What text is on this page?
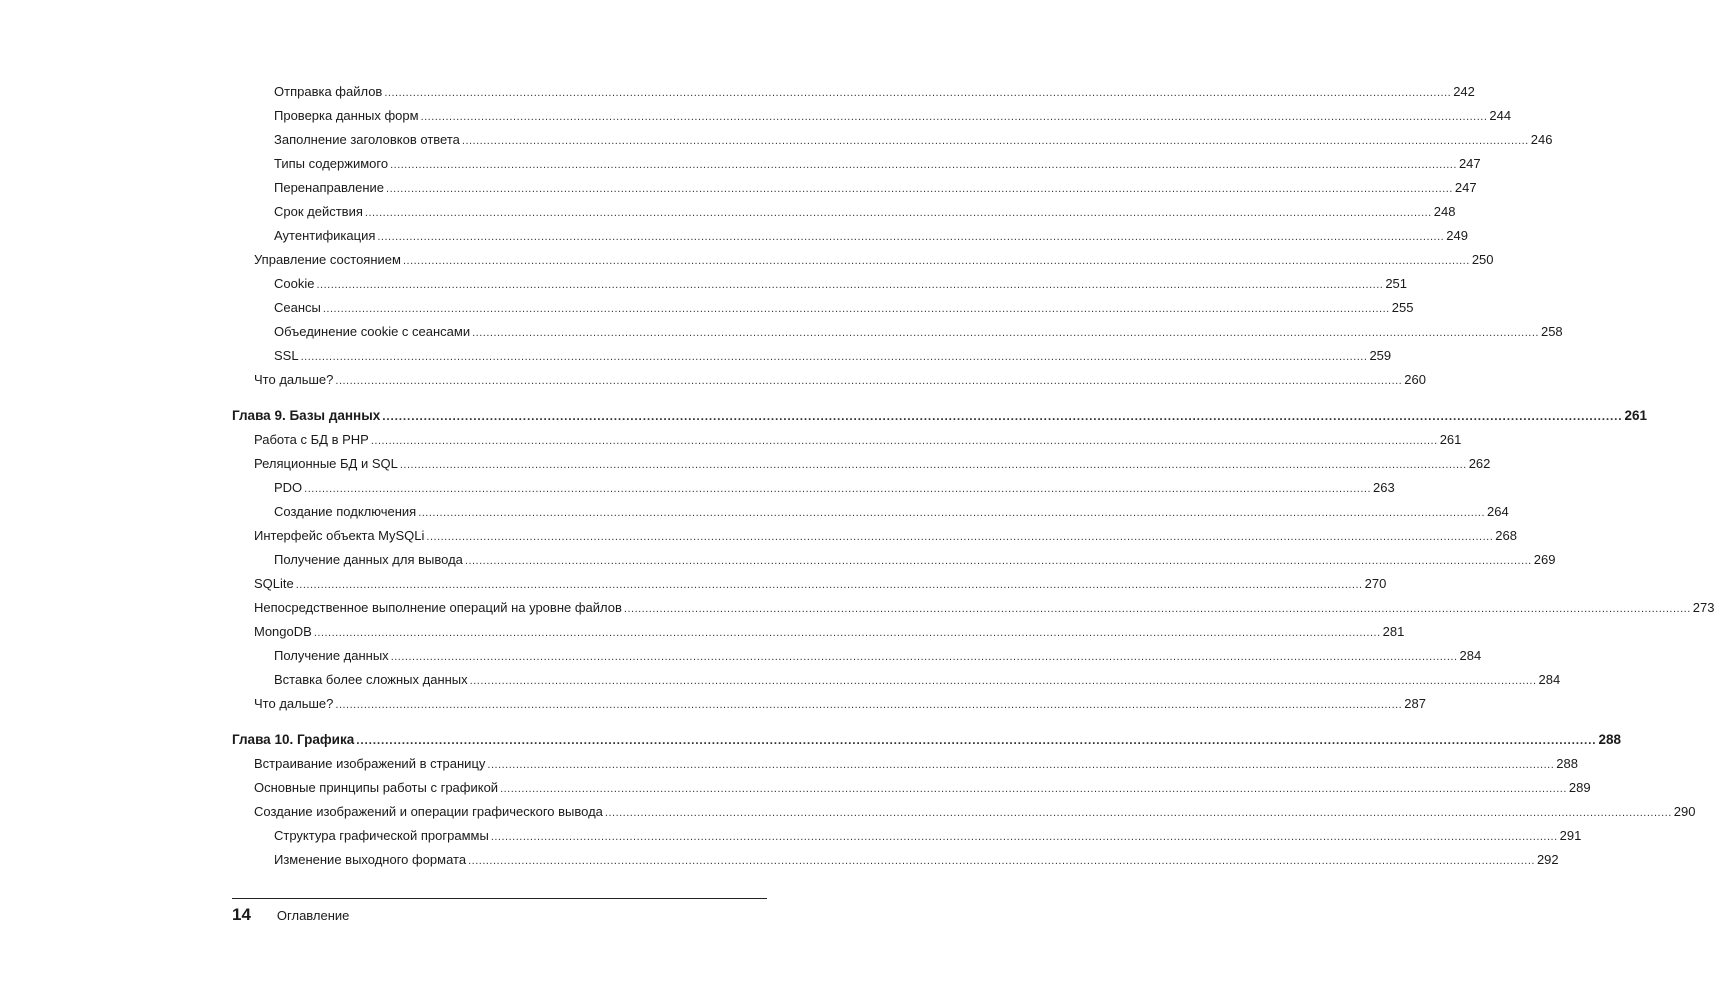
Отправка файлов ............................................................................................................................................................................................................................................................................................................ 242
Проверка данных форм ............................................................................................................................................................................................................................................................................................................ 244
Заполнение заголовков ответа ............................................................................................................................................................................................................................................................................................................ 246
Типы содержимого ............................................................................................................................................................................................................................................................................................................ 247
Перенаправление ............................................................................................................................................................................................................................................................................................................ 247
Срок действия ............................................................................................................................................................................................................................................................................................................ 248
Аутентификация ............................................................................................................................................................................................................................................................................................................ 249
Управление состоянием ............................................................................................................................................................................................................................................................................................................ 250
Cookie ............................................................................................................................................................................................................................................................................................................ 251
Сеансы ............................................................................................................................................................................................................................................................................................................ 255
Объединение cookie с сеансами ............................................................................................................................................................................................................................................................................................................ 258
SSL ............................................................................................................................................................................................................................................................................................................ 259
Что дальше? ............................................................................................................................................................................................................................................................................................................ 260
Глава 9. Базы данных ............................................................................................................................................................................................................................................................................................................ 261
Работа с БД в PHP ............................................................................................................................................................................................................................................................................................................ 261
Реляционные БД и SQL ............................................................................................................................................................................................................................................................................................................ 262
PDO ............................................................................................................................................................................................................................................................................................................ 263
Создание подключения ............................................................................................................................................................................................................................................................................................................ 264
Интерфейс объекта MySQLi ............................................................................................................................................................................................................................................................................................................ 268
Получение данных для вывода ............................................................................................................................................................................................................................................................................................................ 269
SQLite ............................................................................................................................................................................................................................................................................................................ 270
Непосредственное выполнение операций на уровне файлов ............................................................................................................................................................................................................................................................................................................ 273
MongoDB ............................................................................................................................................................................................................................................................................................................ 281
Получение данных ............................................................................................................................................................................................................................................................................................................ 284
Вставка более сложных данных ............................................................................................................................................................................................................................................................................................................ 284
Что дальше? ............................................................................................................................................................................................................................................................................................................ 287
Глава 10. Графика ............................................................................................................................................................................................................................................................................................................ 288
Встраивание изображений в страницу ............................................................................................................................................................................................................................................................................................................ 288
Основные принципы работы с графикой ............................................................................................................................................................................................................................................................................................................ 289
Создание изображений и операции графического вывода ............................................................................................................................................................................................................................................................................................................ 290
Структура графической программы ............................................................................................................................................................................................................................................................................................................ 291
Изменение выходного формата ............................................................................................................................................................................................................................................................................................................ 292
14 Оглавление
